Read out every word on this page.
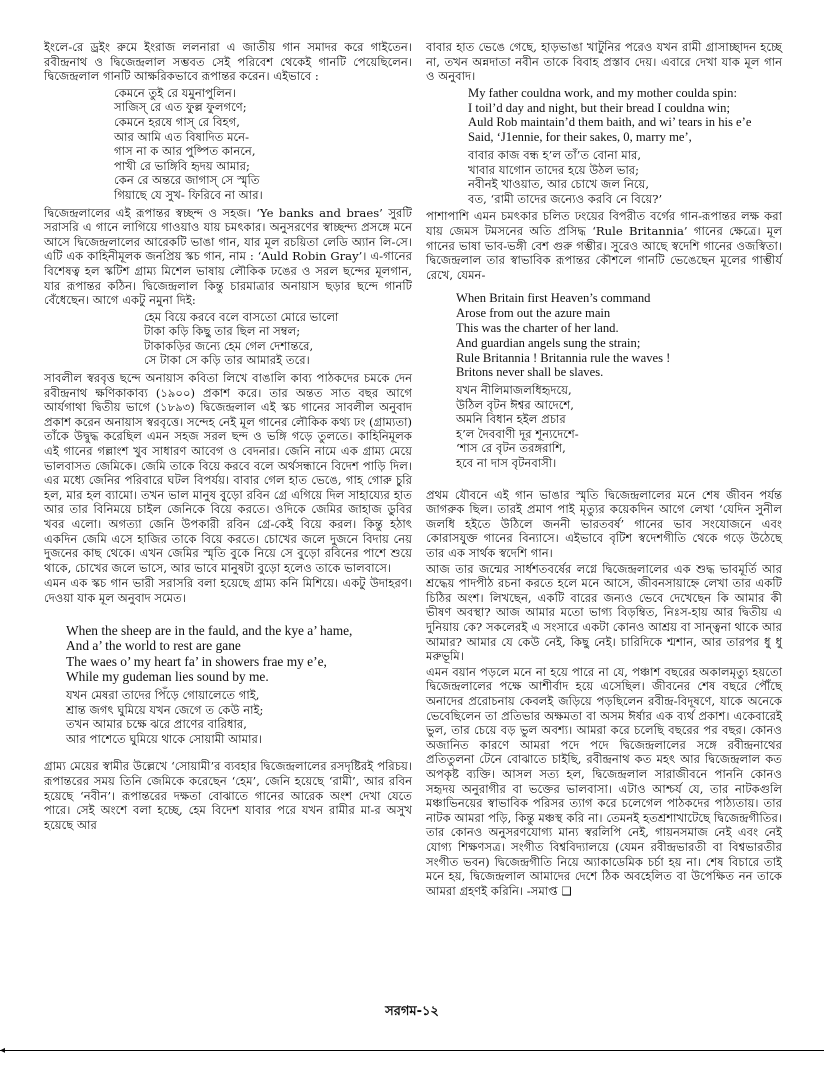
ইংলে-রে ড্রইং রুমে ইংরাজ ললনারা এ জাতীয় গান সমাদর করে গাইতেন। রবীন্দ্রনাথ ও দ্বিজেন্দ্রলাল সম্ভবত সেই পরিবেশ থেকেই গানটি পেয়েছিলেন। দ্বিজেন্দ্রলাল গানটি আক্ষরিকভাবে রূপান্তর করেন। এইভাবে :

কেমনে তুই রে যমুনাপুলিন।
সাজিস্‌ রে এত ফুল্ল ফুলগণে;
কেমনে হরষে গাস্‌ রে বিহগ,
আর আমি এত বিষাদিত মনে-
গাস না ক আর পুষ্পিত কাননে,
পাখী রে ভাঙ্গিবি হৃদয় আমার;
কেন রে অন্তরে জাগাস্‌ সে স্মৃতি
গিয়াছে যে সুখ- ফিরিবে না আর।

দ্বিজেন্দ্রলালের এই রূপান্তর স্বচ্ছন্দ ও সহজ। ‘Ye banks and braes’ সুরটি সরাসরি এ গানে লাগিয়ে গাওয়াও যায় চমৎকার। অনুসরণের স্বাচ্ছন্দ্য প্রসঙ্গে মনে আসে দ্বিজেন্দ্রলালের আরেকটি ভাঙা গান, যার মূল রচয়িতা লেডি অ্যান লি-সে। এটি এক কাহিনীমূলক জনপ্রিয় স্কচ গান, নাম : ‘Auld Robin Gray’। এ-গানের বিশেষত্ব হল স্কটিশ গ্রাম্য মিশেল ভাষায় লৌকিক ঢঙের ও সরল ছন্দের মূলগান, যার রূপান্তর কঠিন। দ্বিজেন্দ্রলাল কিন্তু চারমাত্রার অনায়াস ছড়ার ছন্দে গানটি বেঁধেছেন। আগে একটু নমুনা দিই:

হেম বিয়ে করবে বলে বাসতো মোরে ভালো
টাকা কড়ি কিছু তার ছিল না সম্বল;
টাকাকড়ির জন্যে হেম গেল দেশান্তরে,
সে টাকা সে কড়ি তার আমারই তরে।

সাবলীল স্বরবৃত্ত ছন্দে অনায়াস কবিতা লিখে বাঙালি কাব্য পাঠকদের চমকে দেন রবীন্দ্রনাথ ক্ষণিকাকাব্য (১৯০০) প্রকাশ করে। তার অন্তত সাত বছর আগে আর্যগাথা দ্বিতীয় ভাগে (১৮৯৩) দ্বিজেন্দ্রলাল এই স্কচ গানের সাবলীল অনুবাদ প্রকাশ করেন অনায়াস স্বরবৃত্তে। সন্দেহ নেই মূল গানের লৌকিক কথ্য ঢং (গ্রাম্যতা) তাঁকে উদ্বুদ্ধ করেছিল এমন সহজ সরল ছন্দ ও ভঙ্গি গড়ে তুলতে। কাহিনিমূলক এই গানের গল্লাংশ খুব সাধারণ আবেগ ও বেদনার। জেনি নামে এক গ্রাম্য মেয়ে ভালবাসত জেমিকে। জেমি তাকে বিয়ে করবে বলে অর্থসন্ধানে বিদেশ পাড়ি দিল। এর মধ্যে জেনির পরিবারে ঘটল বিপর্যয়। বাবার গেল হাত ভেঙে, গাহ গোরু চুরি হল, মার হল ব্যামো। তখন ভাল মানুষ বুড়ো রবিন গ্রে এগিয়ে দিল সাহায্যের হাত আর তার বিনিময়ে চাইল জেনিকে বিয়ে করতে। ওদিকে জেমির জাহাজ ডুবির খবর এলো। অগত্যা জেনি উপকারী রবিন গ্রে-কেই বিয়ে করল। কিন্তু হঠাৎ একদিন জেমি এসে হাজির তাকে বিয়ে করতে। চোখের জলে দুজনে বিদায় নেয় দুজনের কাছ থেকে। এখন জেমির স্মৃতি বুকে নিয়ে সে বুড়ো রবিনের পাশে শুয়ে থাকে, চোখের জলে ভাসে, আর ভাবে মানুষটা বুড়ো হলেও তাকে ভালবাসে।

এমন এক স্কচ গান ভারী সরাসরি বলা হয়েছে গ্রাম্য কনি মিশিয়ে। একটু উদাহরণ। দেওয়া যাক মূল অনুবাদ সমেত।

When the sheep are in the fauld, and the kye a’ hame,
And a’ the world to rest are gane
The waes o’ my heart fa’ in showers frae my e’e,
While my gudeman lies sound by me.
যখন মেষরা তাদের পিঁড়ে গোয়ালেতে গাই,
শ্রান্ত জগৎ ঘুমিয়ে যখন জেগে ত কেউ নাই;
তখন আমার চক্ষে ঝরে প্রাণের বারিধার,
আর পাশেতে ঘুমিয়ে থাকে সোয়ামী আমার।

গ্রাম্য মেয়ের স্বামীর উল্লেখে ‘সোয়ামী’র ব্যবহার দ্বিজেন্দ্রলালের রসদৃষ্টিরই পরিচয়। রূপান্তরের সময় তিনি জেমিকে করেছেন ‘হেম’, জেনি হয়েছে ‘রামী’, আর রবিন হয়েছে ‘নবীন’। রূপান্তরের দক্ষতা বোঝাতে গানের আরেক অংশ দেখা যেতে পারে। সেই অংশে বলা হচ্ছে, হেম বিদেশ যাবার পরে যখন রামীর মা-র অসুখ হয়েছে আর

বাবার হাত ভেঙে গেছে, হাড়ভাঙা খাটুনির পরেও যখন রামী গ্রাসাচ্ছাদন হচ্ছে না, তখন অন্নদাতা নবীন তাকে বিবাহ প্রস্তাব দেয়। এবারে দেখা যাক মূল গান ও অনুবাদ।

My father couldna work, and my mother coulda spin:
I toil’d day and night, but their bread I couldna win;
Auld Rob maintain’d them baith, and wi’ tears in his e’e
Said, ‘J1ennie, for their sakes, 0, marry me’,
বাবার কাজ বন্ধ হ’ল তাঁ’ত বোনা মার,
খাবার যাগোন তাদের হয়ে উঠল ভার;
নবীনই খাওয়াত, আর চোখে জল নিয়ে,
বত, ‘রামী তাদের জন্যেও করবি নে বিয়ে?’

পাশাপাশি এমন চমৎকার চলিত ঢংয়ের বিপরীত বর্গের গান-রূপান্তর লক্ষ করা যায় জেমস টমসনের অতি প্রসিদ্ধ ‘Rule Britannia’ গানের ক্ষেত্রে। মূল গানের ভাষা ভাব-ভঙ্গী বেশ গুরু গম্ভীর। সুরেও আছে স্বদেশি গানের ওজস্বিতা। দ্বিজেন্দ্রলাল তার স্বাভাবিক রূপান্তর কৌশলে গানটি ভেঙেছেন মূলের গাম্ভীর্য রেখে, যেমন-

When Britain first Heaven’s command
Arose from out the azure main
This was the charter of her land.
And guardian angels sung the strain;
Rule Britannia ! Britannia rule the waves !
Britons never shall be slaves.
যখন নীলিমাজলধিহৃদয়ে,
উঠিল বৃটন ঈশ্বর আদেশে,
অমনি বিধান হইল প্রচার
হ’ল দৈববাণী দূর শূন্যদেশে-
‘শাস রে বৃটন তরঙ্গরাশি,
হবে না দাস বৃটনবাসী।

প্রথম যৌবনে এই গান ভাঙার স্মৃতি দ্বিজেন্দ্রলালের মনে শেষ জীবন পর্যন্ত জাগরুক ছিল। তারই প্রমাণ পাই মৃত্যুর কয়েকদিন আগে লেখা ‘যেদিন সুনীল জলধি হইতে উঠিলে জননী ভারতবর্ষ’ গানের ভাব সংযোজনে এবং কোরাসযুক্ত গানের বিন্যাসে। এইভাবে বৃটিশ স্বদেশগীতি থেকে গড়ে উঠেছে তার এক সার্থক স্বদেশি গান।

আজ তার জন্মের সার্ধশতবর্ষের লগ্নে দ্বিজেন্দ্রলালের এক শুদ্ধ ভাবমূর্তি আর শ্রদ্ধেয় পাদপীঠ রচনা করতে হলে মনে আসে, জীবনসায়াহ্নে লেখা তার একটি চিঠির অংশ। লিখছেন, একটি বারের জন্যও ভেবে দেখেছেন কি আমার কী ভীষণ অবস্থা? আজ আমার মতো ভাগ্য বিড়ম্বিত, নিঃস-হায় আর দ্বিতীয় এ দুনিয়ায় কে? সকলেরই এ সংসারে একটা কোনও আশ্রয় বা সান্ত্বনা থাকে আর আমার? আমার যে কেউ নেই, কিছু নেই। চারিদিকে শ্মশান, আর তারপর ধু ধু মরুভূমি।

এমন বয়ান পড়লে মনে না হয়ে পারে না যে, পঞ্চাশ বছরের অকালমৃত্যু হয়তো দ্বিজেন্দ্রলালের পক্ষে আশীর্বাদ হয়ে এসেছিল। জীবনের শেষ বছরে পৌঁছে অনাদের প্ররোচনায় কেবলই জড়িয়ে পড়ছিলেন রবীন্দ্র-বিদূষণে, যাকে অনেকে ভেবেছিলেন তা প্রতিভার অক্ষমতা বা অসম ঈর্ষার এক ব্যর্থ প্রকাশ। একেবারেই ভুল, তার চেয়ে বড় ভুল অবশ্য। আমরা করে চলেছি বছরের পর বছর। কোনও অজানিত কারণে আমরা পদে পদে দ্বিজেন্দ্রলালের সঙ্গে রবীন্দ্রনাথের প্রতিতুলনা টেনে বোঝাতে চাইছি, রবীন্দ্রনাথ কত মহৎ আর দ্বিজেন্দ্রলাল কত অপকৃষ্ট ব্যক্তি। আসল সত্য হল, দ্বিজেন্দ্রলাল সারাজীবনে পাননি কোনও সহৃদয় অনুরাগীর বা ভক্তের ভালবাসা। এটাও আশ্চর্য যে, তার নাটকগুলি মঞ্চাভিনয়ের স্বাভাবিক পরিসর ত্যাগ করে চলেগেল পাঠকদের পাঠ্যতায়। তার নাটক আমরা পড়ি, কিন্তু মঞ্চস্থ করি না। তেমনই হতশ্রশাখাটেছে দ্বিজেন্দ্রগীতির। তার কোনও অনুসরণযোগ্য মান্য স্বরলিপি নেই, গায়নসমাজ নেই এবং নেই যোগ্য শিক্ষণসত্র। সংগীত বিশ্ববিদ্যালয়ে (যেমন রবীন্দ্রভারতী বা বিশ্বভারতীর সংগীত ভবন) দ্বিজেন্দ্রগীতি নিয়ে অ্যাকাডেমিক চর্চা হয় না। শেষ বিচারে তাই মনে হয়, দ্বিজেন্দ্রলাল আমাদের দেশে ঠিক অবহেলিত বা উপেক্ষিত নন তাকে আমরা গ্রহণই করিনি। -সমাপ্ত ❑

সরগম-১২
